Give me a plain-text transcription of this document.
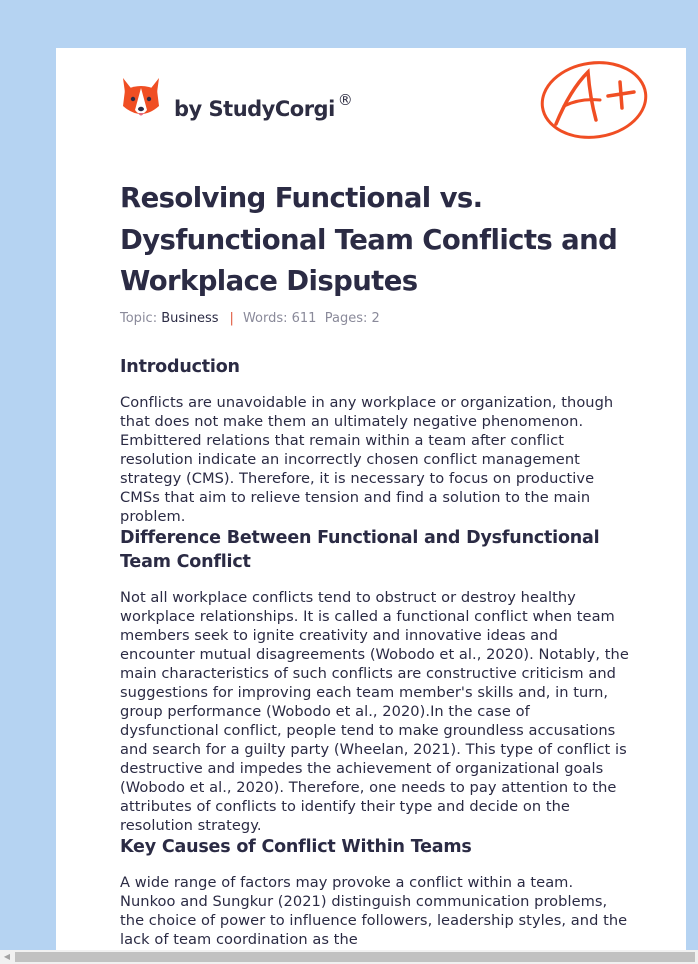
by StudyCorgi ®
Resolving Functional vs. Dysfunctional Team Conflicts and Workplace Disputes
Topic: Business | Words: 611 Pages: 2
Introduction

Conflicts are unavoidable in any workplace or organization, though that does not make them an ultimately negative phenomenon. Embittered relations that remain within a team after conflict resolution indicate an incorrectly chosen conflict management strategy (CMS). Therefore, it is necessary to focus on productive CMSs that aim to relieve tension and find a solution to the main problem.

Difference Between Functional and Dysfunctional Team Conflict

Not all workplace conflicts tend to obstruct or destroy healthy workplace relationships. It is called a functional conflict when team members seek to ignite creativity and innovative ideas and encounter mutual disagreements (Wobodo et al., 2020). Notably, the main characteristics of such conflicts are constructive criticism and suggestions for improving each team member's skills and, in turn, group performance (Wobodo et al., 2020).In the case of dysfunctional conflict, people tend to make groundless accusations and search for a guilty party (Wheelan, 2021). This type of conflict is destructive and impedes the achievement of organizational goals (Wobodo et al., 2020). Therefore, one needs to pay attention to the attributes of conflicts to identify their type and decide on the resolution strategy.

Key Causes of Conflict Within Teams

A wide range of factors may provoke a conflict within a team. Nunkoo and Sungkur (2021) distinguish communication problems, the choice of power to influence followers, leadership styles, and the lack of team coordination as the

◀
